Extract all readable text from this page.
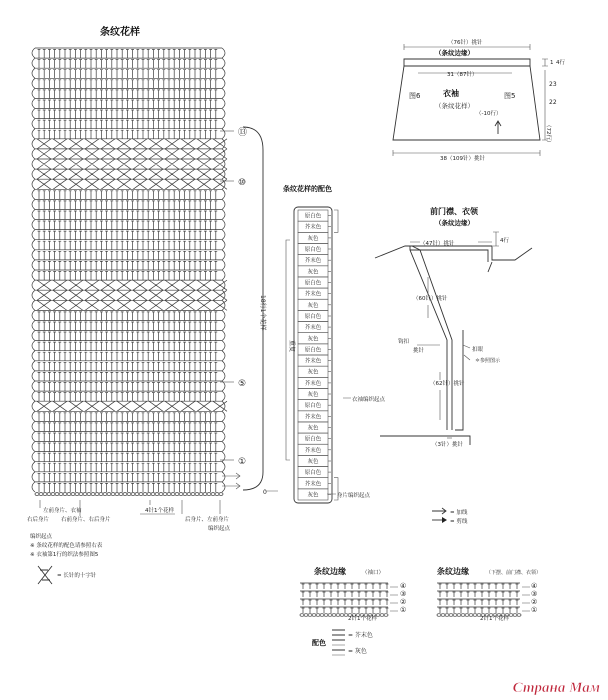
条纹花样
18行1个花样
⑬
⑩
⑤
①
左前身片、衣袖
右后身片 右前身片、右后身片
4针1个花样
后身片、左前身片
编织起点
编织起点
※ 条纹花样的配色请参照右表
※ 衣袖第1行的织法参照图5
= 长针的十字针
条纹花样的配色
原白色
芥末色
灰色
原白色
芥末色
灰色
原白色
芥末色
灰色
原白色
芥末色
灰色
原白色
芥末色
灰色
芥末色
灰色
原白色
芥末色
灰色
原白色
芥末色
灰色
原白色
芥末色
灰色
重复
衣袖编织起点
身片编织起点
0
（76针）挑针
（条纹边缘）
31（87针）
衣袖
（条纹花样）
图6	图5
（-10行）
38（109针）挑针
1 4行
23
22
（72行）
前门襟、衣领
（条纹边缘）
（47针）挑针	4行
（60针）挑针
钩扣
挑针	扣眼
＊参照图示
（62针）挑针
（3针）挑针
= 加线
= 剪线
条纹边缘	（袖口）
2针1个花样
④
③
②
①
条纹边缘	（下摆、前门襟、衣领）
2针1个花样
④
③
②
①
配色
= 芥末色
= 灰色
Страна Мам
